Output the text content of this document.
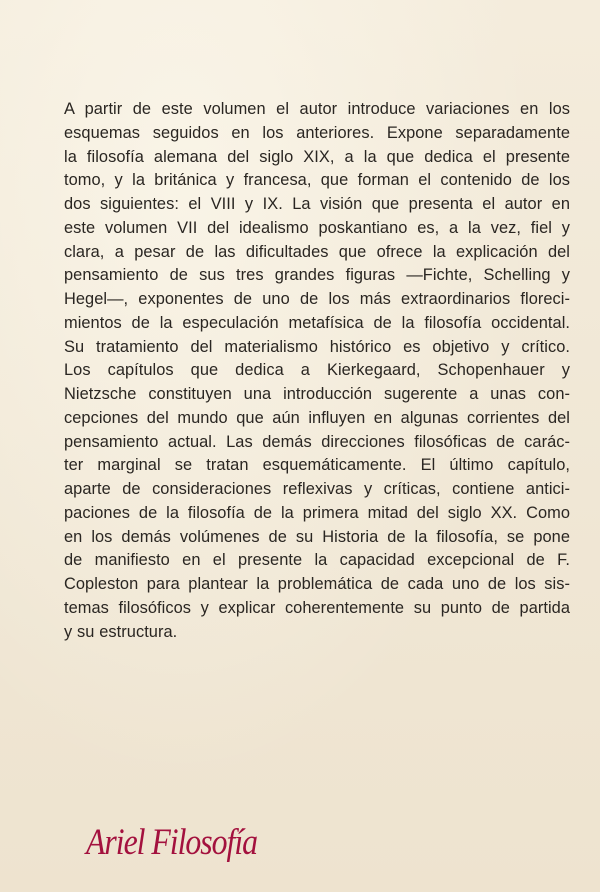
A partir de este volumen el autor introduce variaciones en los
esquemas seguidos en los anteriores. Expone separadamente
la filosofía alemana del siglo XIX, a la que dedica el presente
tomo, y la británica y francesa, que forman el contenido de los
dos siguientes: el VIII y IX. La visión que presenta el autor en
este volumen VII del idealismo poskantiano es, a la vez, fiel y
clara, a pesar de las dificultades que ofrece la explicación del
pensamiento de sus tres grandes figuras —Fichte, Schelling y
Hegel—, exponentes de uno de los más extraordinarios floreci-
mientos de la especulación metafísica de la filosofía occidental.
Su tratamiento del materialismo histórico es objetivo y crítico.
Los capítulos que dedica a Kierkegaard, Schopenhauer y
Nietzsche constituyen una introducción sugerente a unas con-
cepciones del mundo que aún influyen en algunas corrientes del
pensamiento actual. Las demás direcciones filosóficas de carác-
ter marginal se tratan esquemáticamente. El último capítulo,
aparte de consideraciones reflexivas y críticas, contiene antici-
paciones de la filosofía de la primera mitad del siglo XX. Como
en los demás volúmenes de su Historia de la filosofía, se pone
de manifiesto en el presente la capacidad excepcional de F.
Copleston para plantear la problemática de cada uno de los sis-
temas filosóficos y explicar coherentemente su punto de partida
y su estructura.
Ariel Filosofía
